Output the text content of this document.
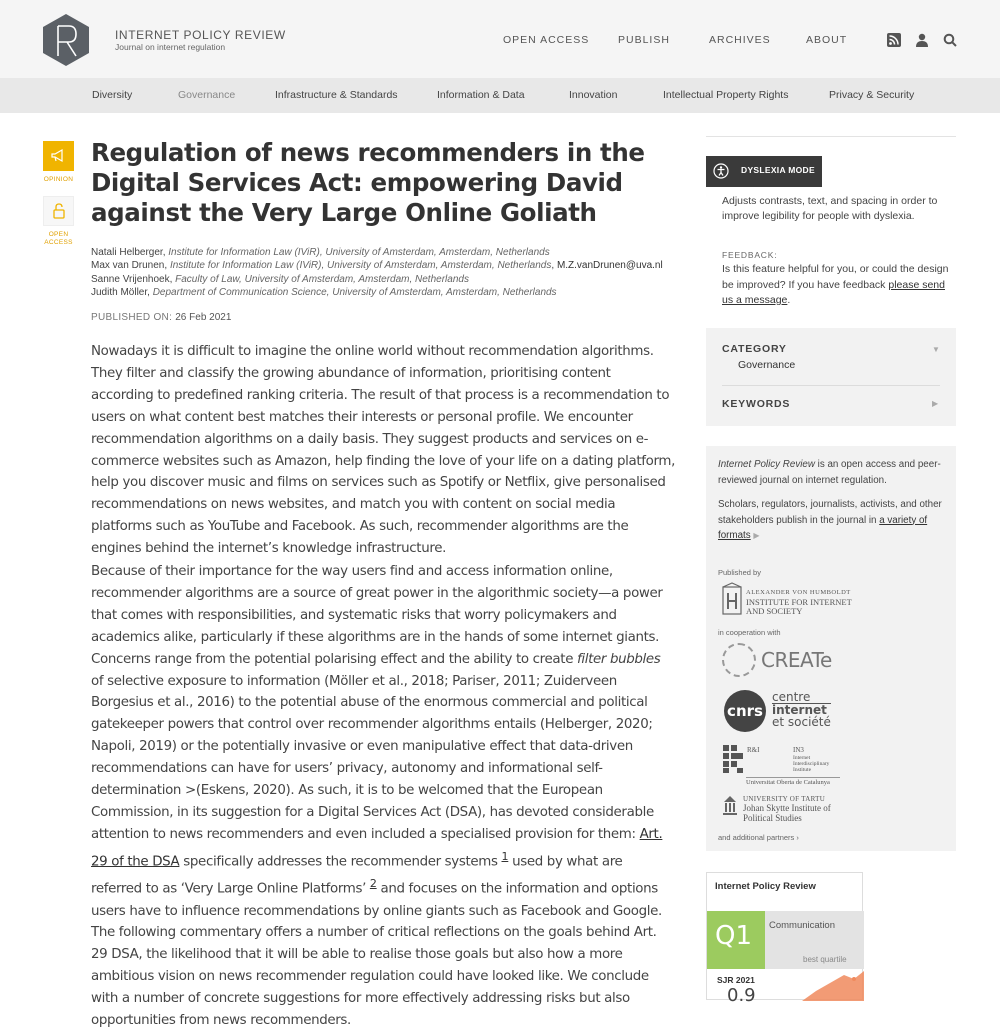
INTERNET POLICY REVIEW
Journal on internet regulation
OPEN ACCESS	PUBLISH	ARCHIVES	ABOUT
Diversity	Governance	Infrastructure & Standards	Information & Data	Innovation	Intellectual Property Rights	Privacy & Security
OPINION
OPEN
ACCESS
Regulation of news recommenders in the Digital Services Act: empowering David against the Very Large Online Goliath
Natali Helberger, Institute for Information Law (IViR), University of Amsterdam, Amsterdam, Netherlands
Max van Drunen, Institute for Information Law (IViR), University of Amsterdam, Amsterdam, Netherlands, M.Z.vanDrunen@uva.nl
Sanne Vrijenhoek, Faculty of Law, University of Amsterdam, Amsterdam, Netherlands
Judith Möller, Department of Communication Science, University of Amsterdam, Amsterdam, Netherlands
PUBLISHED ON: 26 Feb 2021

Nowadays it is difficult to imagine the online world without recommendation algorithms. They filter and classify the growing abundance of information, prioritising content according to predefined ranking criteria. The result of that process is a recommendation to users on what content best matches their interests or personal profile. We encounter recommendation algorithms on a daily basis. They suggest products and services on e-commerce websites such as Amazon, help finding the love of your life on a dating platform, help you discover music and films on services such as Spotify or Netflix, give personalised recommendations on news websites, and match you with content on social media platforms such as YouTube and Facebook. As such, recommender algorithms are the engines behind the internet’s knowledge infrastructure.

Because of their importance for the way users find and access information online, recommender algorithms are a source of great power in the algorithmic society—a power that comes with responsibilities, and systematic risks that worry policymakers and academics alike, particularly if these algorithms are in the hands of some internet giants. Concerns range from the potential polarising effect and the ability to create filter bubbles of selective exposure to information (Möller et al., 2018; Pariser, 2011; Zuiderveen Borgesius et al., 2016) to the potential abuse of the enormous commercial and political gatekeeper powers that control over recommender algorithms entails (Helberger, 2020; Napoli, 2019) or the potentially invasive or even manipulative effect that data-driven recommendations can have for users’ privacy, autonomy and informational self-determination >(Eskens, 2020). As such, it is to be welcomed that the European Commission, in its suggestion for a Digital Services Act (DSA), has devoted considerable attention to news recommenders and even included a specialised provision for them: Art. 29 of the DSA specifically addresses the recommender systems $^1$ used by what are referred to as ‘Very Large Online Platforms’ $^2$ and focuses on the information and options users have to influence recommendations by online giants such as Facebook and Google. The following commentary offers a number of critical reflections on the goals behind Art. 29 DSA, the likelihood that it will be able to realise those goals but also how a more ambitious vision on news recommender regulation could have looked like. We conclude with a number of concrete suggestions for more effectively addressing risks but also opportunities from news recommenders.

DYSLEXIA MODE
Adjusts contrasts, text, and spacing in order to improve legibility for people with dyslexia.
FEEDBACK:
Is this feature helpful for you, or could the design be improved? If you have feedback please send us a message.
CATEGORY	▼
Governance
KEYWORDS	▶
Internet Policy Review is an open access and peer-reviewed journal on internet regulation.
Scholars, regulators, journalists, activists, and other stakeholders publish in the journal in a variety of formats ▶
Published by
ALEXANDER VON HUMBOLDT
INSTITUTE FOR INTERNET
AND SOCIETY
in cooperation with
CREATe
cnrs
centre
internet
et société
R&I	IN3
Internet
Interdisciplinary
Institute
Universitat Oberta de Catalunya
UNIVERSITY OF TARTU
Johan Skytte Institute of
Political Studies
and additional partners ›
Internet Policy Review
Q1	Communication
best quartile
SJR 2021
0.9
